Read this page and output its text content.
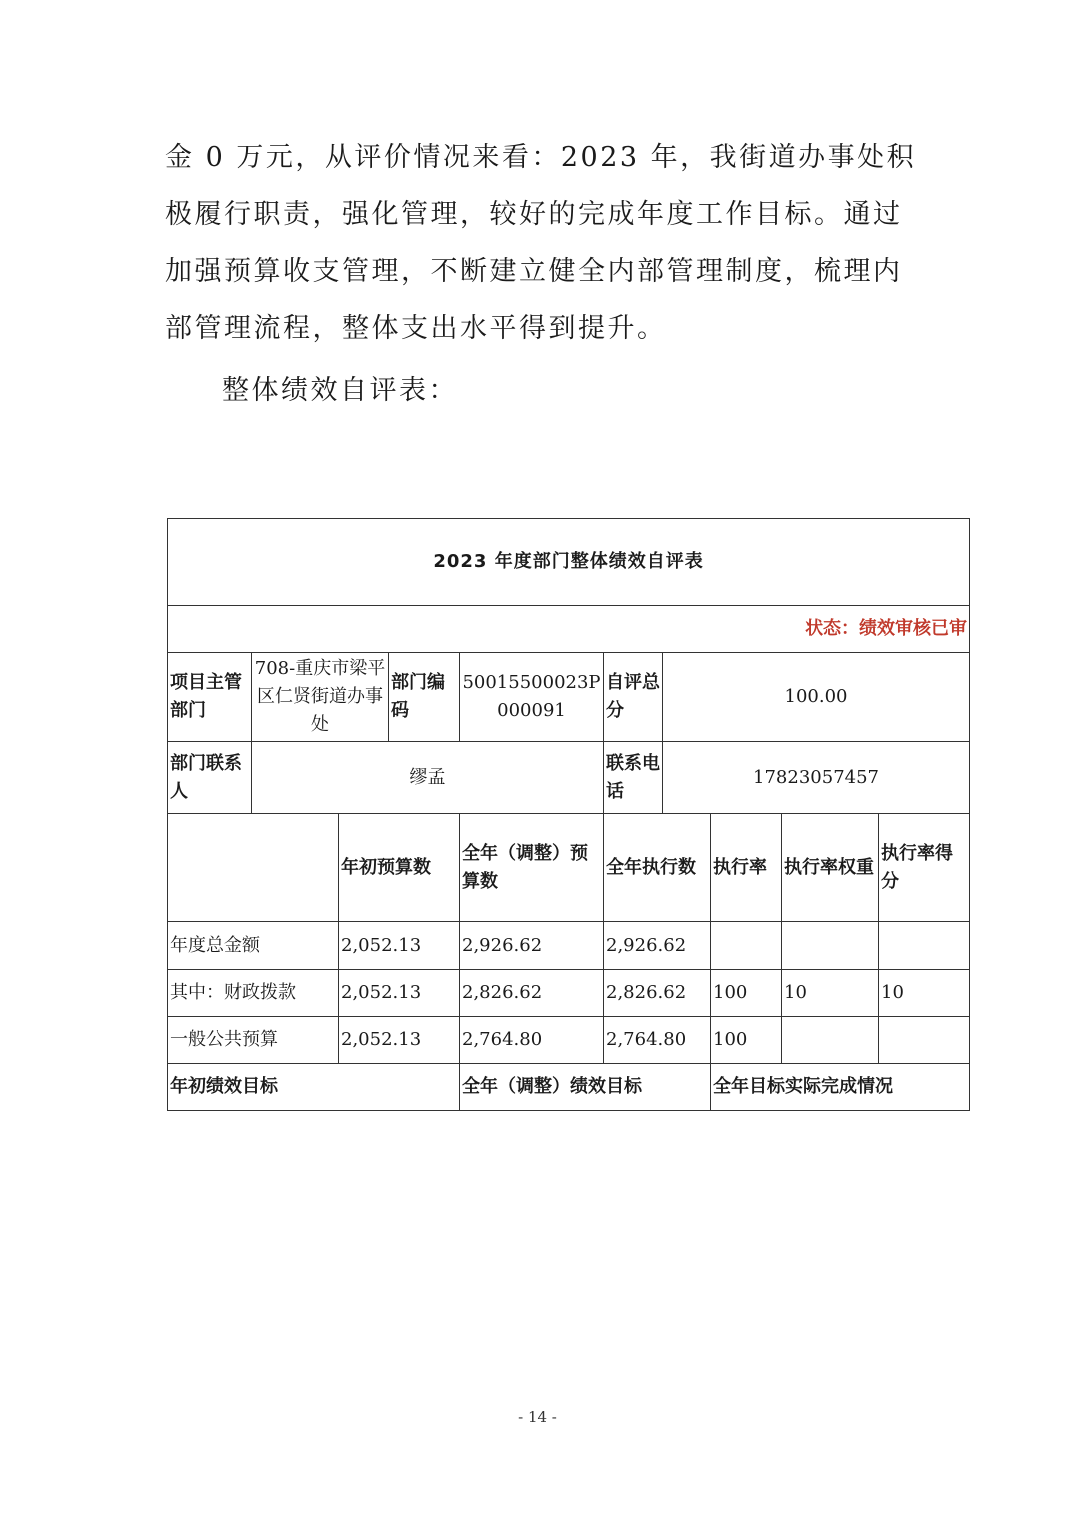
金 0 万元，从评价情况来看：2023 年，我街道办事处积极履行职责，强化管理，较好的完成年度工作目标。通过加强预算收支管理，不断建立健全内部管理制度，梳理内部管理流程，整体支出水平得到提升。

整体绩效自评表：

2023 年度部门整体绩效自评表									
状态：绩效审核已审									
项目主管部门	708-重庆市梁平区仁贤街道办事处		部门编码	50015500023P000091	自评总分	100.00			
部门联系人	缪孟				联系电话	17823057457			
		年初预算数		全年（调整）预算数	全年执行数		执行率	执行率权重	执行率得分
年度总金额		2,052.13		2,926.62	2,926.62				
其中：财政拨款		2,052.13		2,826.62	2,826.62		100	10	10
一般公共预算		2,052.13		2,764.80	2,764.80		100		
年初绩效目标				全年（调整）绩效目标			全年目标实际完成情况		
- 14 -
